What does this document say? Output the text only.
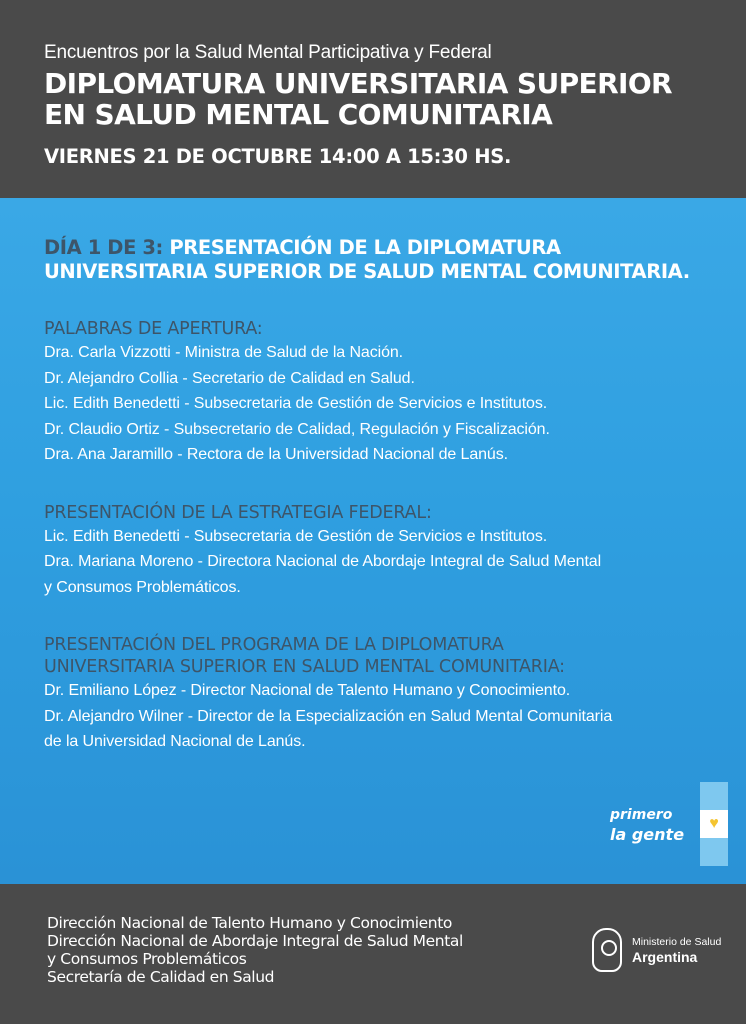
Encuentros por la Salud Mental Participativa y Federal
DIPLOMATURA UNIVERSITARIA SUPERIOR
EN SALUD MENTAL COMUNITARIA
VIERNES 21 DE OCTUBRE 14:00 A 15:30 HS.
DÍA 1 DE 3: PRESENTACIÓN DE LA DIPLOMATURA
UNIVERSITARIA SUPERIOR DE SALUD MENTAL COMUNITARIA.
PALABRAS DE APERTURA:
Dra. Carla Vizzotti - Ministra de Salud de la Nación.
Dr. Alejandro Collia - Secretario de Calidad en Salud.
Lic. Edith Benedetti - Subsecretaria de Gestión de Servicios e Institutos.
Dr. Claudio Ortiz - Subsecretario de Calidad, Regulación y Fiscalización.
Dra. Ana Jaramillo - Rectora de la Universidad Nacional de Lanús.
PRESENTACIÓN DE LA ESTRATEGIA FEDERAL:
Lic. Edith Benedetti - Subsecretaria de Gestión de Servicios e Institutos.
Dra. Mariana Moreno - Directora Nacional de Abordaje Integral de Salud Mental
y Consumos Problemáticos.
PRESENTACIÓN DEL PROGRAMA DE LA DIPLOMATURA
UNIVERSITARIA SUPERIOR EN SALUD MENTAL COMUNITARIA:
Dr. Emiliano López - Director Nacional de Talento Humano y Conocimiento.
Dr. Alejandro Wilner - Director de la Especialización en Salud Mental Comunitaria
de la Universidad Nacional de Lanús.
primero
la gente
♥
Dirección Nacional de Talento Humano y Conocimiento
Dirección Nacional de Abordaje Integral de Salud Mental
y Consumos Problemáticos
Secretaría de Calidad en Salud
Ministerio de Salud
Argentina
